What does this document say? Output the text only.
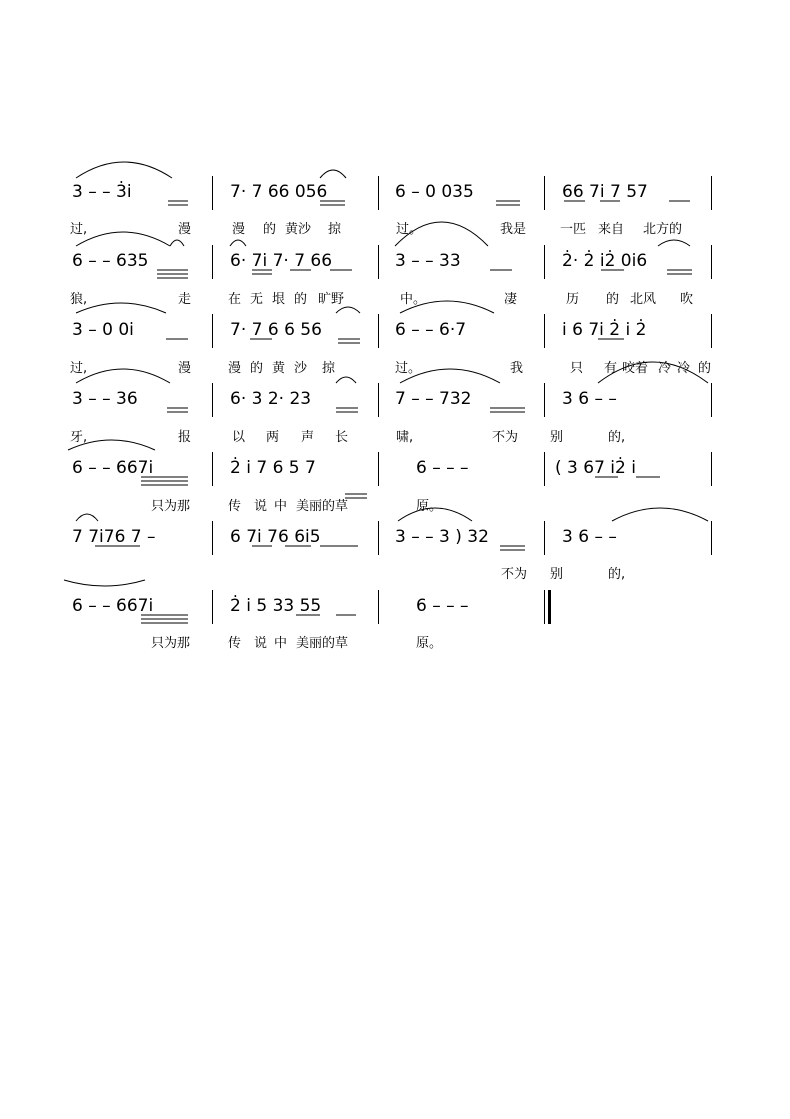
3 – – 3̇i̇	7· 7 66 056	6 – 0 035	66 7i̇ 7 57
过,	漫	漫 的 黄沙 掠	过。	我是	一匹 来自 北方的
6 – – 635	6· 7i̇ 7· 7 66	3 – – 33	2̇· 2̇ i̇2̇ 0i̇6
狼,	走	在 无 垠 的 旷野	中。	凄	历 的 北风 吹
3 – 0 0i̇	7· 7 6 6 56	6 – – 6·7	i̇ 6 7i̇ 2̇ i̇ 2̇
过,	漫	漫 的 黄 沙 掠	过。	我	只 有 咬着 冷 冷 的
3 – – 36	6· 3 2· 23	7 – – 732	3 6 – –
牙,	报	以 两 声 长	啸,	不为 别	的,
6 – – 667i̇	2̇ i̇ 7 6 5 7	6 – – –	( 3 67 i̇2̇ i̇
只为那	传 说 中 美丽 的草	原。
7 7i̇76 7 –	6 7i̇ 76 6i̇5	3 – – 3 ) 32	3 6 – –
不为 别	的,
6 – – 667i̇	2̇ i̇ 5 33 55	6 – – –
只为那	传 说 中 美丽 的草	原。
